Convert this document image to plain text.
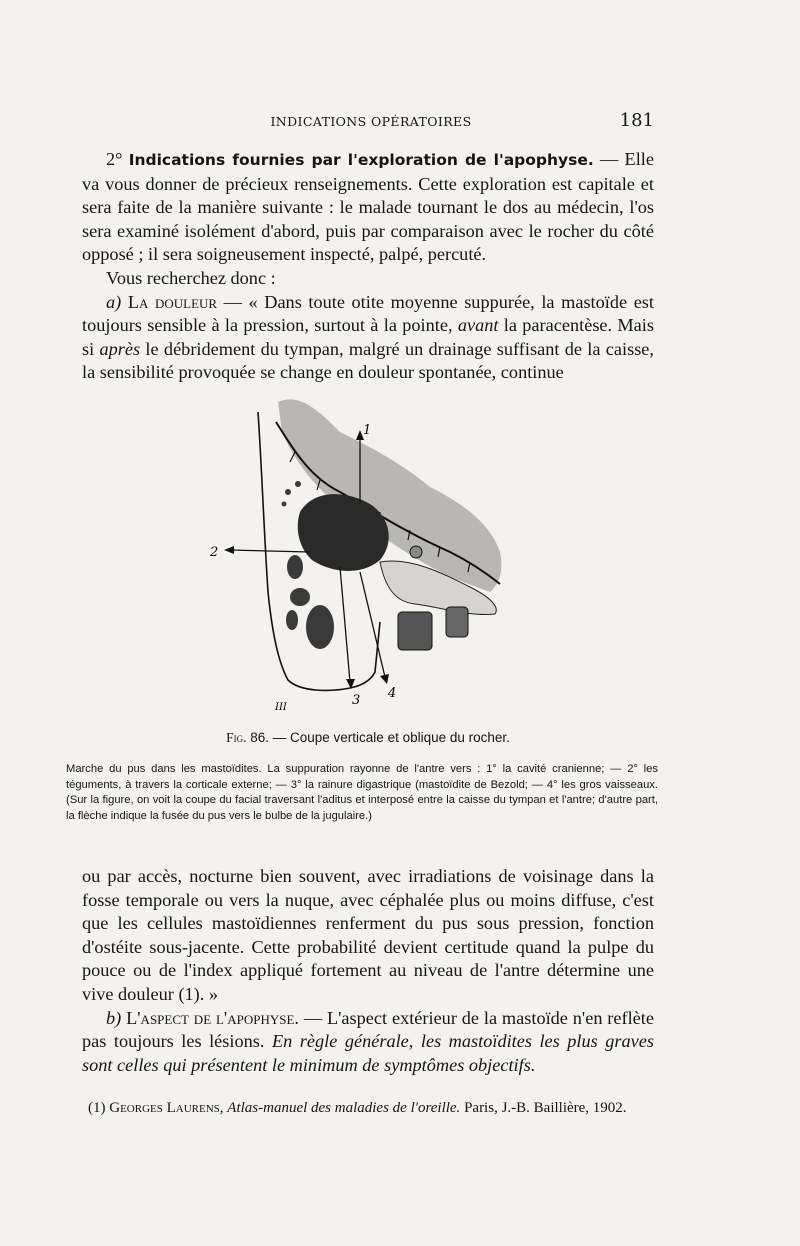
INDICATIONS OPÉRATOIRES	181

2° Indications fournies par l'exploration de l'apophyse. — Elle va vous donner de précieux renseignements. Cette exploration est capitale et sera faite de la manière suivante : le malade tournant le dos au médecin, l'os sera examiné isolément d'abord, puis par comparaison avec le rocher du côté opposé ; il sera soigneusement inspecté, palpé, percuté.

Vous recherchez donc :

a) La douleur — « Dans toute otite moyenne suppurée, la mastoïde est toujours sensible à la pression, surtout à la pointe, avant la paracentèse. Mais si après le débridement du tympan, malgré un drainage suffisant de la caisse, la sensibilité provoquée se change en douleur spontanée, continue

1
2
3 4
III
Fig. 86. — Coupe verticale et oblique du rocher.
Marche du pus dans les mastoïdites. La suppuration rayonne de l'antre vers : 1° la cavité cranienne; — 2° les téguments, à travers la corticale externe; — 3° la rainure digastrique (mastoïdite de Bezold; — 4° les gros vaisseaux. (Sur la figure, on voit la coupe du facial traversant l'aditus et interposé entre la caisse du tympan et l'antre; d'autre part, la flèche indique la fusée du pus vers le bulbe de la jugulaire.)

ou par accès, nocturne bien souvent, avec irradiations de voisinage dans la fosse temporale ou vers la nuque, avec céphalée plus ou moins diffuse, c'est que les cellules mastoïdiennes renferment du pus sous pression, fonction d'ostéite sous-jacente. Cette probabilité devient certitude quand la pulpe du pouce ou de l'index appliqué fortement au niveau de l'antre détermine une vive douleur (1). »

b) L'aspect de l'apophyse. — L'aspect extérieur de la mastoïde n'en reflète pas toujours les lésions. En règle générale, les mastoïdites les plus graves sont celles qui présentent le minimum de symptômes objectifs.

(1) Georges Laurens, Atlas-manuel des maladies de l'oreille. Paris, J.-B. Baillière, 1902.
